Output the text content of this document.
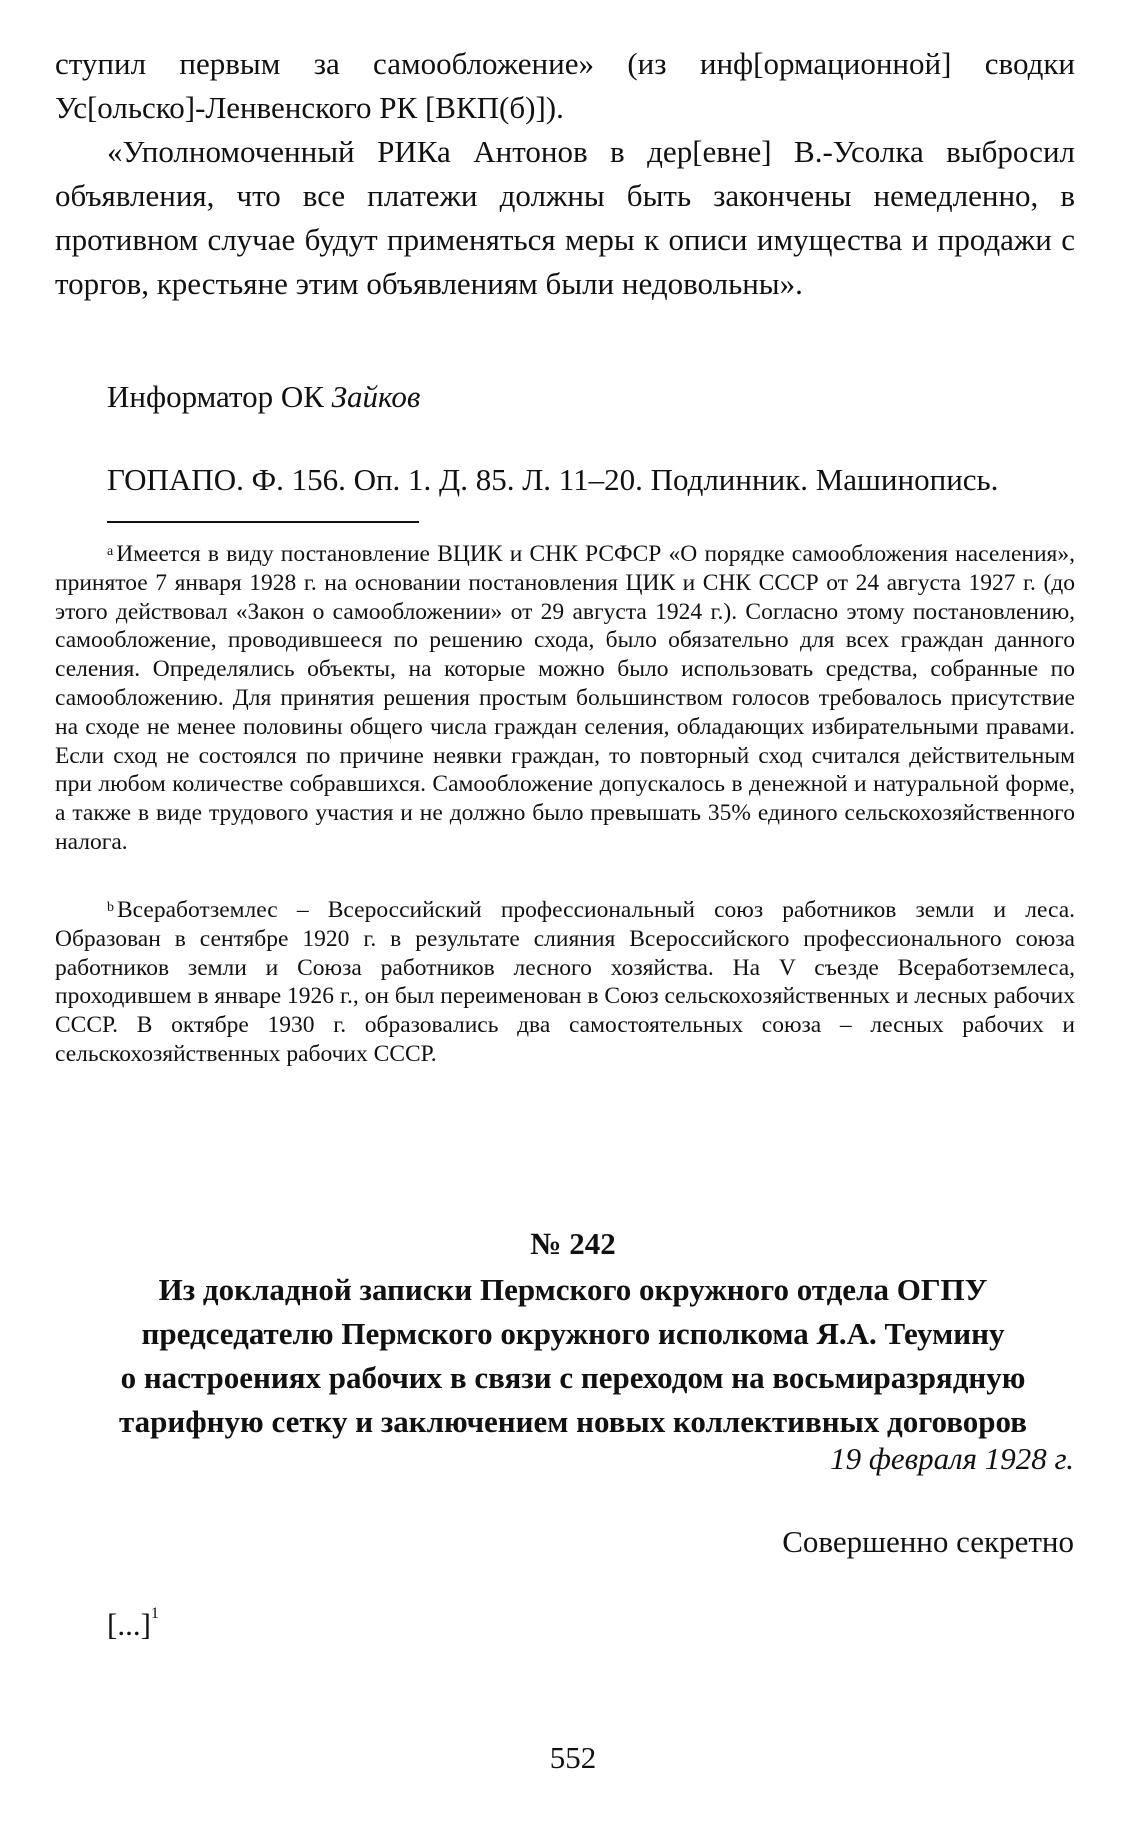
ступил первым за самообложение» (из инф[ормационной] сводки Ус[ольско]-Ленвенского РК [ВКП(б)]).
«Уполномоченный РИКа Антонов в дер[евне] В.-Усолка выбросил объявления, что все платежи должны быть закончены немедленно, в противном случае будут применяться меры к описи имущества и продажи с торгов, крестьяне этим объявлениям были недовольны».
Информатор ОК Зайков
ГОПАПО. Ф. 156. Оп. 1. Д. 85. Л. 11–20. Подлинник. Машинопись.
$^a$ Имеется в виду постановление ВЦИК и СНК РСФСР «О порядке самообложения населения», принятое 7 января 1928 г. на основании постановления ЦИК и СНК СССР от 24 августа 1927 г. (до этого действовал «Закон о самообложении» от 29 августа 1924 г.). Согласно этому постановлению, самообложение, проводившееся по решению схода, было обязательно для всех граждан данного селения. Определялись объекты, на которые можно было использовать средства, собранные по самообложению. Для принятия решения простым большинством голосов требовалось присутствие на сходе не менее половины общего числа граждан селения, обладающих избирательными правами. Если сход не состоялся по причине неявки граждан, то повторный сход считался действительным при любом количестве собравшихся. Самообложение допускалось в денежной и натуральной форме, а также в виде трудового участия и не должно было превышать 35% единого сельскохозяйственного налога.
$^b$ Всеработземлес – Всероссийский профессиональный союз работников земли и леса. Образован в сентябре 1920 г. в результате слияния Всероссийского профессионального союза работников земли и Союза работников лесного хозяйства. На V съезде Всеработземлеса, проходившем в январе 1926 г., он был переименован в Союз сельскохозяйственных и лесных рабочих СССР. В октябре 1930 г. образовались два самостоятельных союза – лесных рабочих и сельскохозяйственных рабочих СССР.
№ 242
Из докладной записки Пермского окружного отдела ОГПУ
председателю Пермского окружного исполкома Я.А. Теумину
о настроениях рабочих в связи с переходом на восьмиразрядную
тарифную сетку и заключением новых коллективных договоров
19 февраля 1928 г.
Совершенно секретно
[...]$^1$
552
